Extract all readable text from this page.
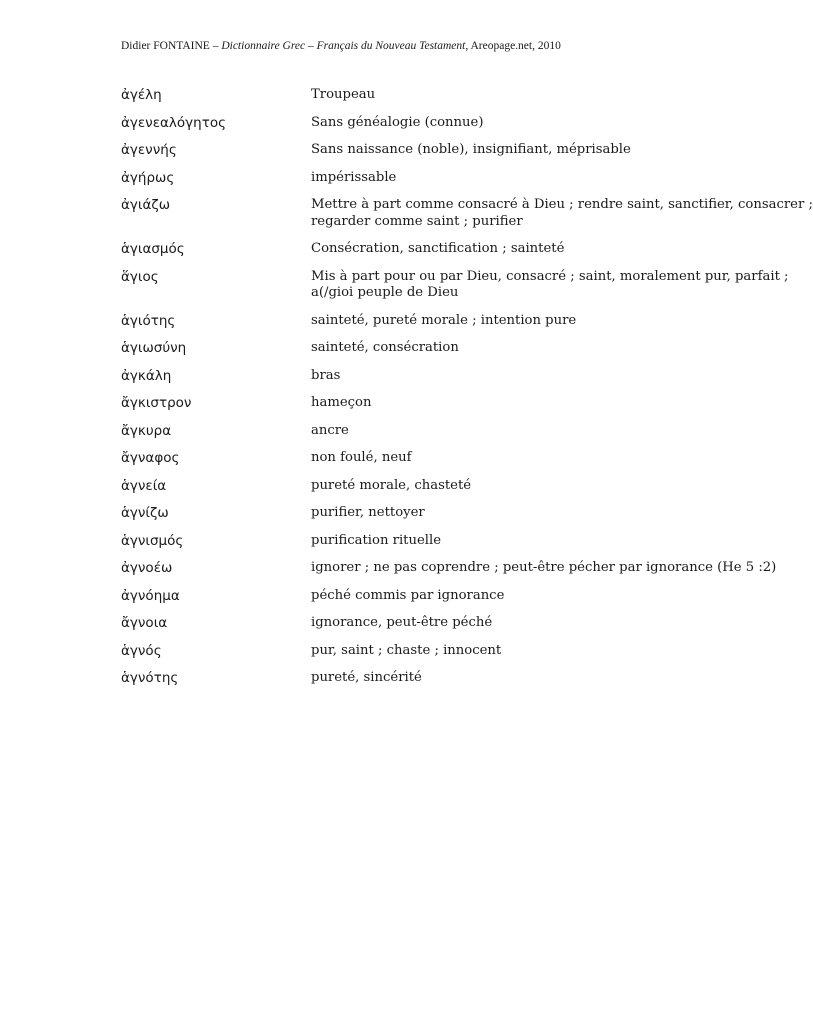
Didier FONTAINE – Dictionnaire Grec – Français du Nouveau Testament, Areopage.net, 2010
ἀγέλη	Troupeau
ἀγενεαλόγητος	Sans généalogie (connue)
ἀγεννής	Sans naissance (noble), insignifiant, méprisable
ἀγήρως	impérissable
ἀγιάζω	Mettre à part comme consacré à Dieu ; rendre saint, sanctifier, consacrer ;
regarder comme saint ; purifier
ἁγιασμός	Consécration, sanctification ; sainteté
ἅγιος	Mis à part pour ou par Dieu, consacré ; saint, moralement pur, parfait ;
a(/gioi peuple de Dieu
ἁγιότης	sainteté, pureté morale ; intention pure
ἁγιωσύνη	sainteté, consécration
ἀγκάλη	bras
ἄγκιστρον	hameçon
ἄγκυρα	ancre
ἄγναφος	non foulé, neuf
ἁγνεία	pureté morale, chasteté
ἁγνίζω	purifier, nettoyer
ἁγνισμός	purification rituelle
ἀγνοέω	ignorer ; ne pas coprendre ; peut-être pécher par ignorance (He 5 :2)
ἀγνόημα	péché commis par ignorance
ἄγνοια	ignorance, peut-être péché
ἁγνός	pur, saint ; chaste ; innocent
ἁγνότης	pureté, sincérité
